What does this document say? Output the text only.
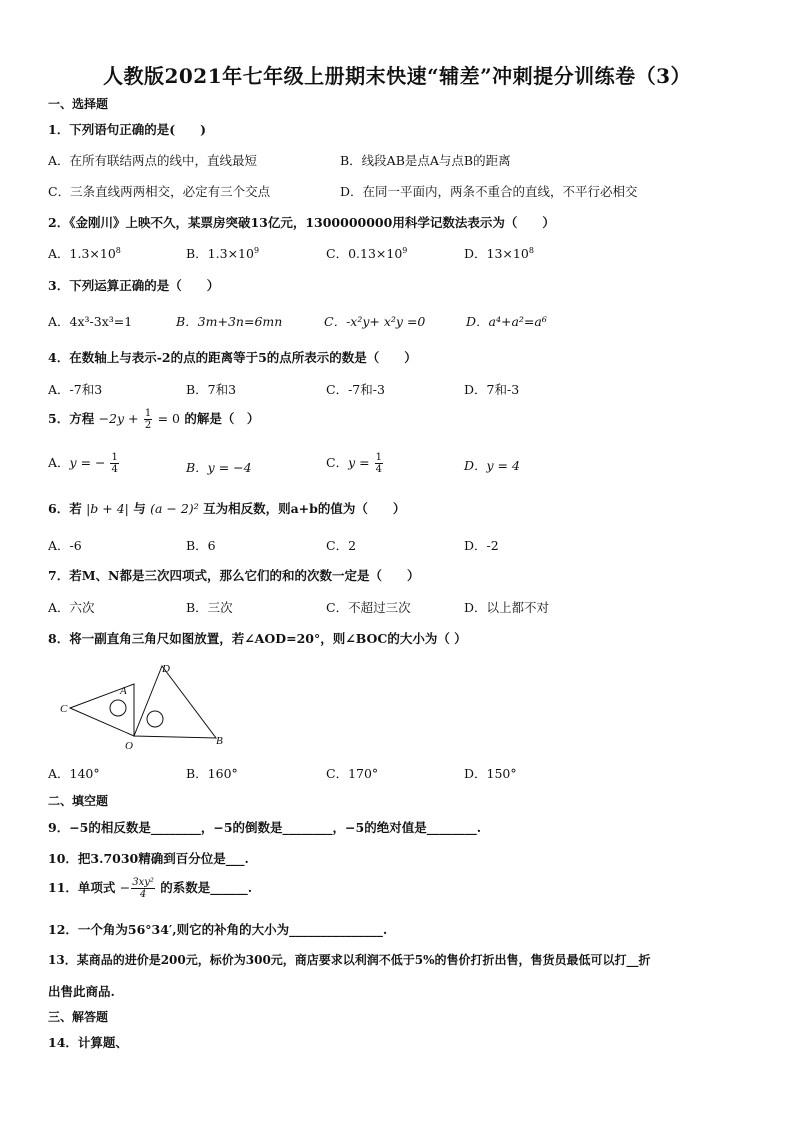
人教版2021年七年级上册期末快速“辅差”冲刺提分训练卷（3）
一、选择题
1．下列语句正确的是(　　)
A．在所有联结两点的线中，直线最短	B．线段AB是点A与点B的距离
C．三条直线两两相交，必定有三个交点	D．在同一平面内，两条不重合的直线，不平行必相交
2．《金刚川》上映不久，某票房突破13亿元，1300000000用科学记数法表示为（　　）
A．$1.3\times 10^8$	B．$1.3\times 10^9$	C．$0.13\times 10^9$	D．$13\times 10^8$
3．下列运算正确的是（　　）
A．4x³-3x³=1	B．3m+3n=6mn	C．-x²y+ x²y =0	D．a⁴+a²=a⁶
4．在数轴上与表示-2的点的距离等于5的点所表示的数是（　　）
A．-7和3	B．7和3	C．-7和-3	D．7和-3
5．方程 $-2y + \frac{1}{2} = 0$ 的解是（　）
A．y = − $\frac{1}{4}$	B．y = −4	C．$y = \frac{1}{4}$	D．y = 4
6．若 |b + 4| 与 (a − 2)² 互为相反数，则a+b的值为（　　）
A．-6	B．6	C．2	D．-2
7．若M、N都是三次四项式，那么它们的和的次数一定是（　　）
A．六次	B．三次	C．不超过三次	D．以上都不对
8．将一副直角三角尺如图放置，若∠AOD=20°，则∠BOC的大小为（ ）
C
A
D
O	B
A．140°	B．160°	C．170°	D．150°
二、填空题
9．−5的相反数是________，−5的倒数是________，−5的绝对值是________.
10．把3.7030精确到百分位是___.
11．单项式 − $\frac{\text{3xy²}}{4}$ 的系数是______.
12．一个角为56°34′,则它的补角的大小为_______________.
13．某商品的进价是200元，标价为300元，商店要求以利润不低于5%的售价打折出售，售货员最低可以打__折
出售此商品.
三、解答题
14．计算题、
